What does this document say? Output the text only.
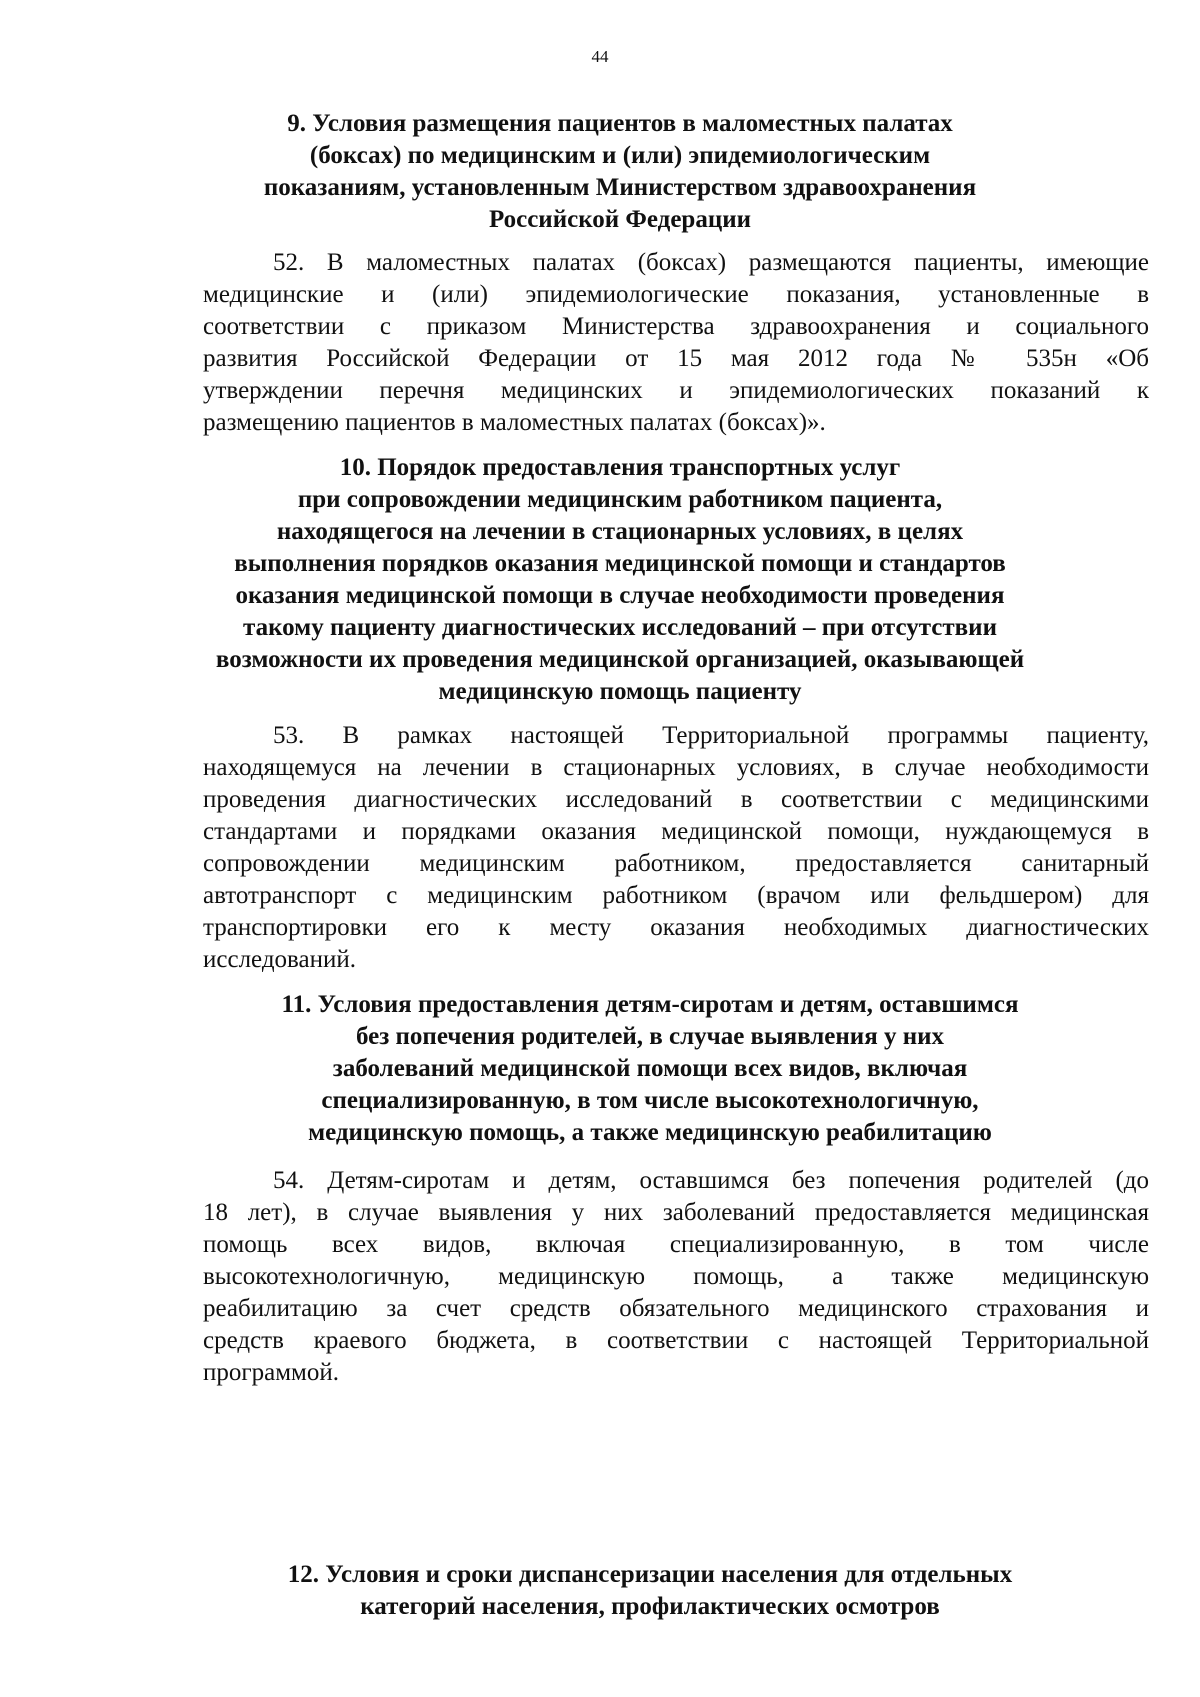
44
9. Условия размещения пациентов в маломестных палатах
(боксах) по медицинским и (или) эпидемиологическим
показаниям, установленным Министерством здравоохранения
Российской Федерации
52. В маломестных палатах (боксах) размещаются пациенты, имеющие
медицинские и (или) эпидемиологические показания, установленные в
соответствии с приказом Министерства здравоохранения и социального
развития Российской Федерации от 15 мая 2012 года № 535н «Об
утверждении перечня медицинских и эпидемиологических показаний к
размещению пациентов в маломестных палатах (боксах)».
10. Порядок предоставления транспортных услуг
при сопровождении медицинским работником пациента,
находящегося на лечении в стационарных условиях, в целях
выполнения порядков оказания медицинской помощи и стандартов
оказания медицинской помощи в случае необходимости проведения
такому пациенту диагностических исследований – при отсутствии
возможности их проведения медицинской организацией, оказывающей
медицинскую помощь пациенту
53. В рамках настоящей Территориальной программы пациенту,
находящемуся на лечении в стационарных условиях, в случае необходимости
проведения диагностических исследований в соответствии с медицинскими
стандартами и порядками оказания медицинской помощи, нуждающемуся в
сопровождении медицинским работником, предоставляется санитарный
автотранспорт с медицинским работником (врачом или фельдшером) для
транспортировки его к месту оказания необходимых диагностических
исследований.
11. Условия предоставления детям-сиротам и детям, оставшимся
без попечения родителей, в случае выявления у них
заболеваний медицинской помощи всех видов, включая
специализированную, в том числе высокотехнологичную,
медицинскую помощь, а также медицинскую реабилитацию
54. Детям-сиротам и детям, оставшимся без попечения родителей (до
18 лет), в случае выявления у них заболеваний предоставляется медицинская
помощь всех видов, включая специализированную, в том числе
высокотехнологичную, медицинскую помощь, а также медицинскую
реабилитацию за счет средств обязательного медицинского страхования и
средств краевого бюджета, в соответствии с настоящей Территориальной
программой.
12. Условия и сроки диспансеризации населения для отдельных
категорий населения, профилактических осмотров
